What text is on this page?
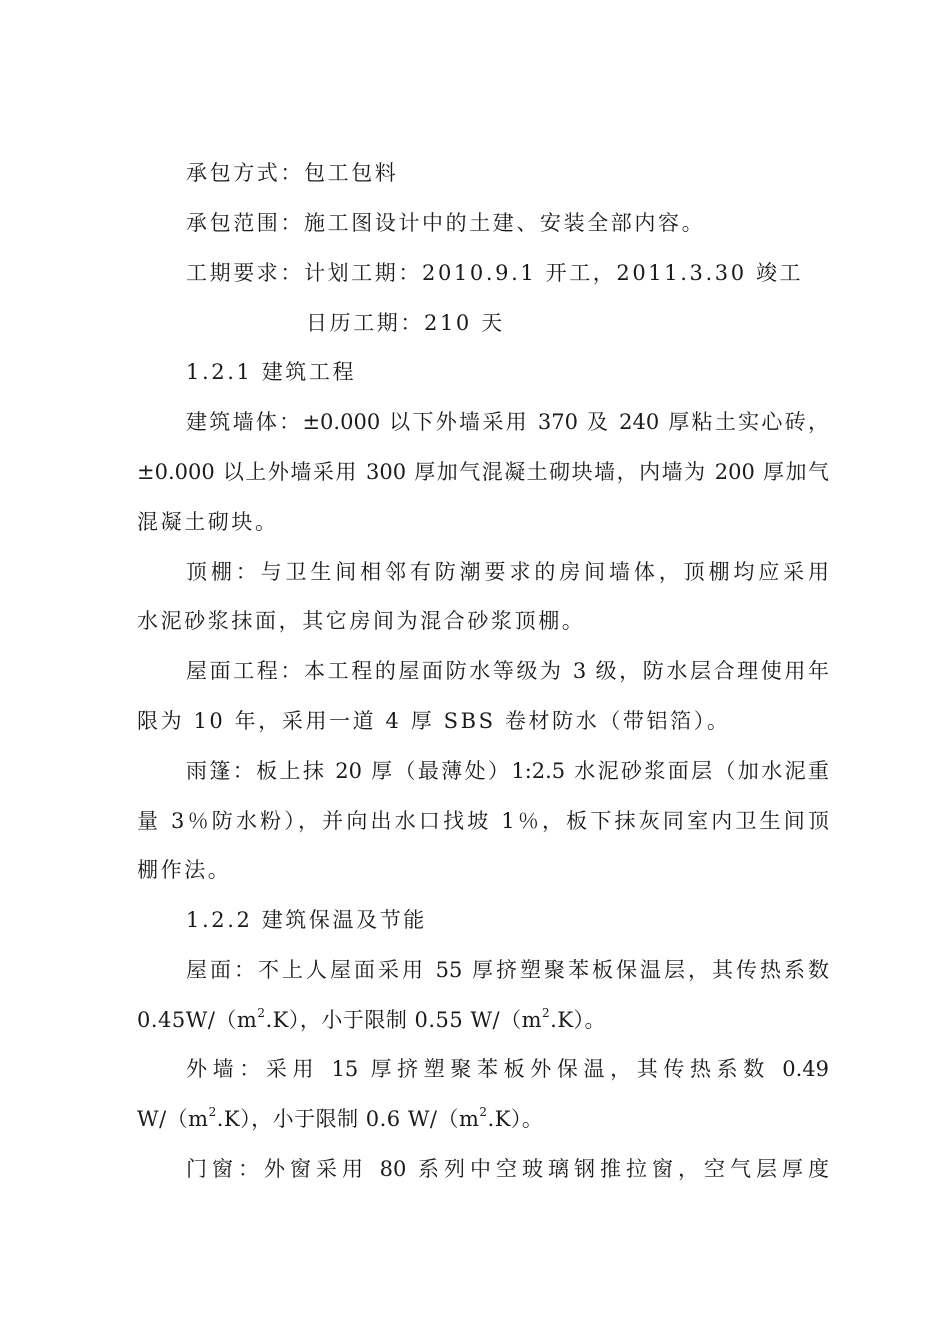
承包方式：包工包料
承包范围：施工图设计中的土建、安装全部内容。
工期要求：计划工期：2010.9.1 开工，2011.3.30 竣工
日历工期：210 天
1.2.1 建筑工程
建筑墙体：±0.000 以下外墙采用 370 及 240 厚粘土实心砖，
±0.000 以上外墙采用 300 厚加气混凝土砌块墙，内墙为 200 厚加气
混凝土砌块。
顶棚：与卫生间相邻有防潮要求的房间墙体，顶棚均应采用
水泥砂浆抹面，其它房间为混合砂浆顶棚。
屋面工程：本工程的屋面防水等级为 3 级，防水层合理使用年
限为 10 年，采用一道 4 厚 SBS 卷材防水（带铝箔）。
雨篷：板上抹 20 厚（最薄处）1:2.5 水泥砂浆面层（加水泥重
量 3％防水粉），并向出水口找坡 1％，板下抹灰同室内卫生间顶
棚作法。
1.2.2 建筑保温及节能
屋面：不上人屋面采用 55 厚挤塑聚苯板保温层，其传热系数
$0.45W/(m^2.K)$，小于限制 0.55 $W/(m^2.K)$。
外墙：采用 15 厚挤塑聚苯板外保温，其传热系数 0.49
$W/(m^2.K)$，小于限制 0.6 $W/(m^2.K)$。
门窗：外窗采用 80 系列中空玻璃钢推拉窗，空气层厚度
